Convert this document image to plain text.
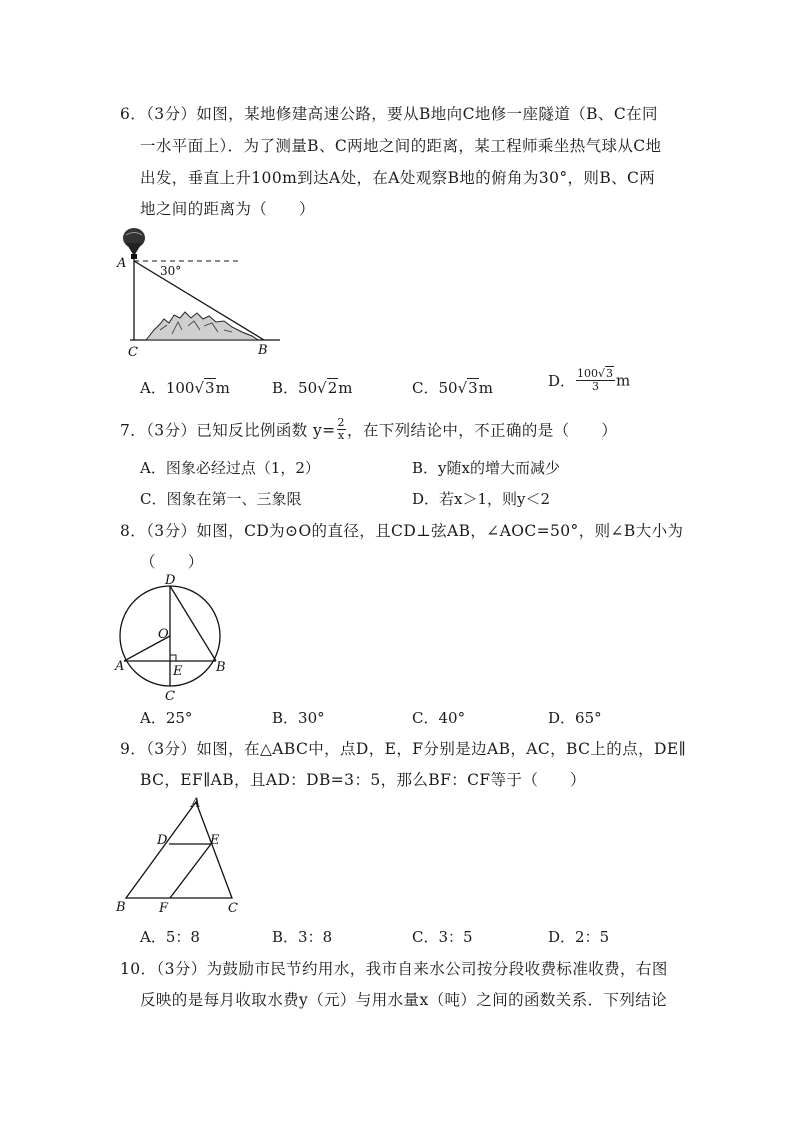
6．（3分）如图，某地修建高速公路，要从B地向C地修一座隧道（B、C在同
一水平面上）．为了测量B、C两地之间的距离，某工程师乘坐热气球从C地
出发，垂直上升100m到达A处，在A处观察B地的俯角为30°，则B、C两
地之间的距离为（　　）
A
C	B
30°
A．100√3m	B．50√2m	C．50√3m	D． $\frac{100√3}{3}$ m
7．（3分）已知反比例函数 $y= \frac{2}{x}$ ，在下列结论中，不正确的是（　　）
A．图象必经过点（1，2）	B．y随x的增大而减少
C．图象在第一、三象限	D．若x＞1，则y＜2
8．（3分）如图，CD为⊙O的直径，且CD⊥弦AB，∠AOC=50°，则∠B大小为
（　　）
D
O
A	B
E
C
A．25°	B．30°	C．40°	D．65°
9．（3分）如图，在△ABC中，点D，E，F分别是边AB，AC，BC上的点，DE∥
BC，EF∥AB，且AD：DB=3：5，那么BF：CF等于（　　）
A
D	E
B	F	C
A．5：8	B．3：8	C．3：5	D．2：5
10．（3分）为鼓励市民节约用水，我市自来水公司按分段收费标准收费，右图
反映的是每月收取水费y（元）与用水量x（吨）之间的函数关系．下列结论
